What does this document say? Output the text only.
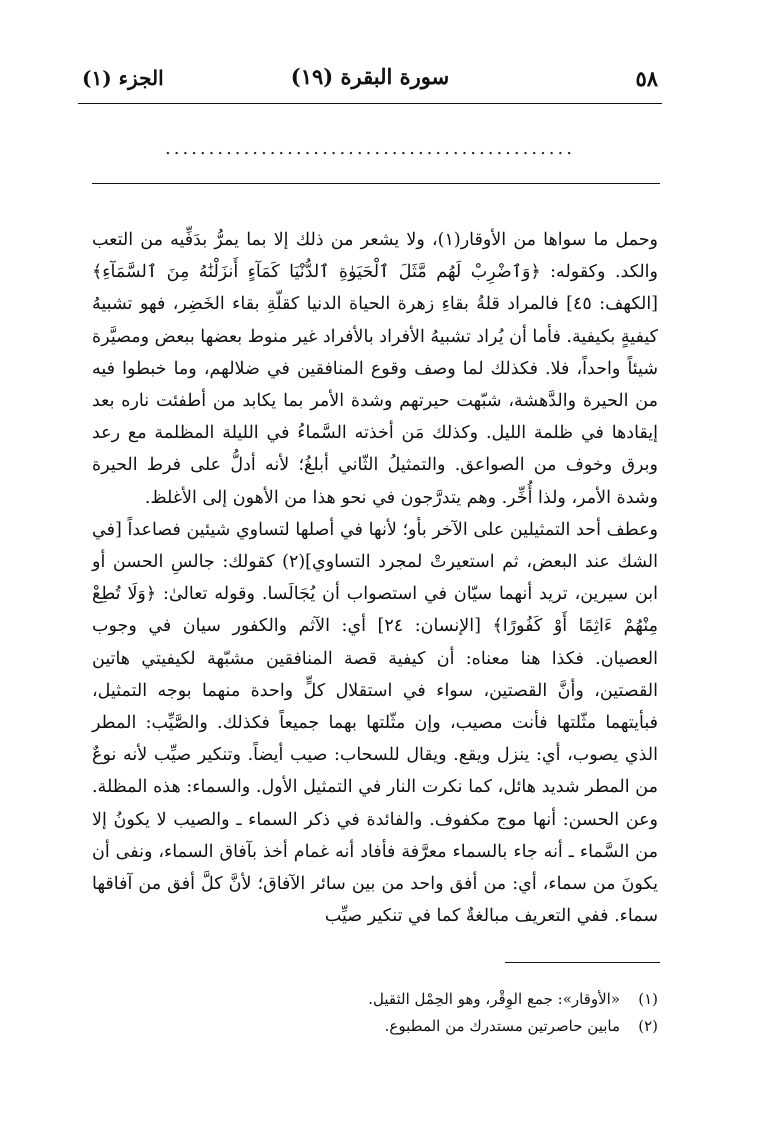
٥٨
سورة البقرة (١٩)
الجزء (١)
...............................................

وحمل ما سواها من الأوقار(١)، ولا يشعر من ذلك إلا بما يمرُّ بدَفِّيه من التعب والكد. وكقوله: ﴿وَٱضْرِبْ لَهُم مَّثَلَ ٱلْحَيَوٰةِ ٱلدُّنْيَا كَمَآءٍ أَنزَلْنَٰهُ مِنَ ٱلسَّمَآءِ﴾ [الكهف: ٤٥] فالمراد قلةُ بقاءِ زهرة الحياة الدنيا كقلّةِ بقاء الخَضِر، فهو تشبيهُ كيفيةٍ بكيفية. فأما أن يُراد تشبيهُ الأفراد بالأفراد غير منوط بعضها ببعض ومصيَّرة شيئاً واحداً، فلا. فكذلك لما وصف وقوع المنافقين في ضلالهم، وما خبطوا فيه من الحيرة والدَّهشة، شبّهت حيرتهم وشدة الأمر بما يكابد من أطفئت ناره بعد إيقادها في ظلمة الليل. وكذلك مَن أخذته السَّماءُ في الليلة المظلمة مع رعد وبرق وخوف من الصواعق. والتمثيلُ الثّاني أبلغُ؛ لأنه أدلُّ على فرط الحيرة وشدة الأمر، ولذا أُخِّر. وهم يتدرَّجون في نحو هذا من الأهون إلى الأغلظ.

وعطف أحد التمثيلين على الآخر بأو؛ لأنها في أصلها لتساوي شيئين فصاعداً [في الشك عند البعض، ثم استعيرتْ لمجرد التساوي](٢) كقولك: جالسِ الحسن أو ابن سيرين، تريد أنهما سيّان في استصواب أن يُجَالَسا. وقوله تعالىٰ: ﴿وَلَا تُطِعْ مِنْهُمْ ءَاثِمًا أَوْ كَفُورًا﴾ [الإنسان: ٢٤] أي: الآثم والكفور سيان في وجوب العصيان. فكذا هنا معناه: أن كيفية قصة المنافقين مشبّهة لكيفيتي هاتين القصتين، وأنَّ القصتين، سواء في استقلال كلٍّ واحدة منهما بوجه التمثيل، فبأيتهما مثّلتها فأنت مصيب، وإن مثّلتها بهما جميعاً فكذلك. والصَّيِّب: المطر الذي يصوب، أي: ينزل ويقع. ويقال للسحاب: صيب أيضاً. وتنكير صيِّب لأنه نوعٌ من المطر شديد هائل، كما نكرت النار في التمثيل الأول. والسماء: هذه المظلة. وعن الحسن: أنها موج مكفوف. والفائدة في ذكر السماء ـ والصيب لا يكونُ إلا من السَّماء ـ أنه جاء بالسماء معرَّفة فأفاد أنه غمام أخذ بآفاق السماء، ونفى أن يكونَ من سماء، أي: من أفق واحد من بين سائر الآفاق؛ لأنَّ كلَّ أفق من آفاقها سماء. ففي التعريف مبالغةٌ كما في تنكير صيِّب

(١)«الأوقار»: جمع الوِقْر، وهو الحِمْل الثقيل.
(٢)مابين حاصرتين مستدرك من المطبوع.
